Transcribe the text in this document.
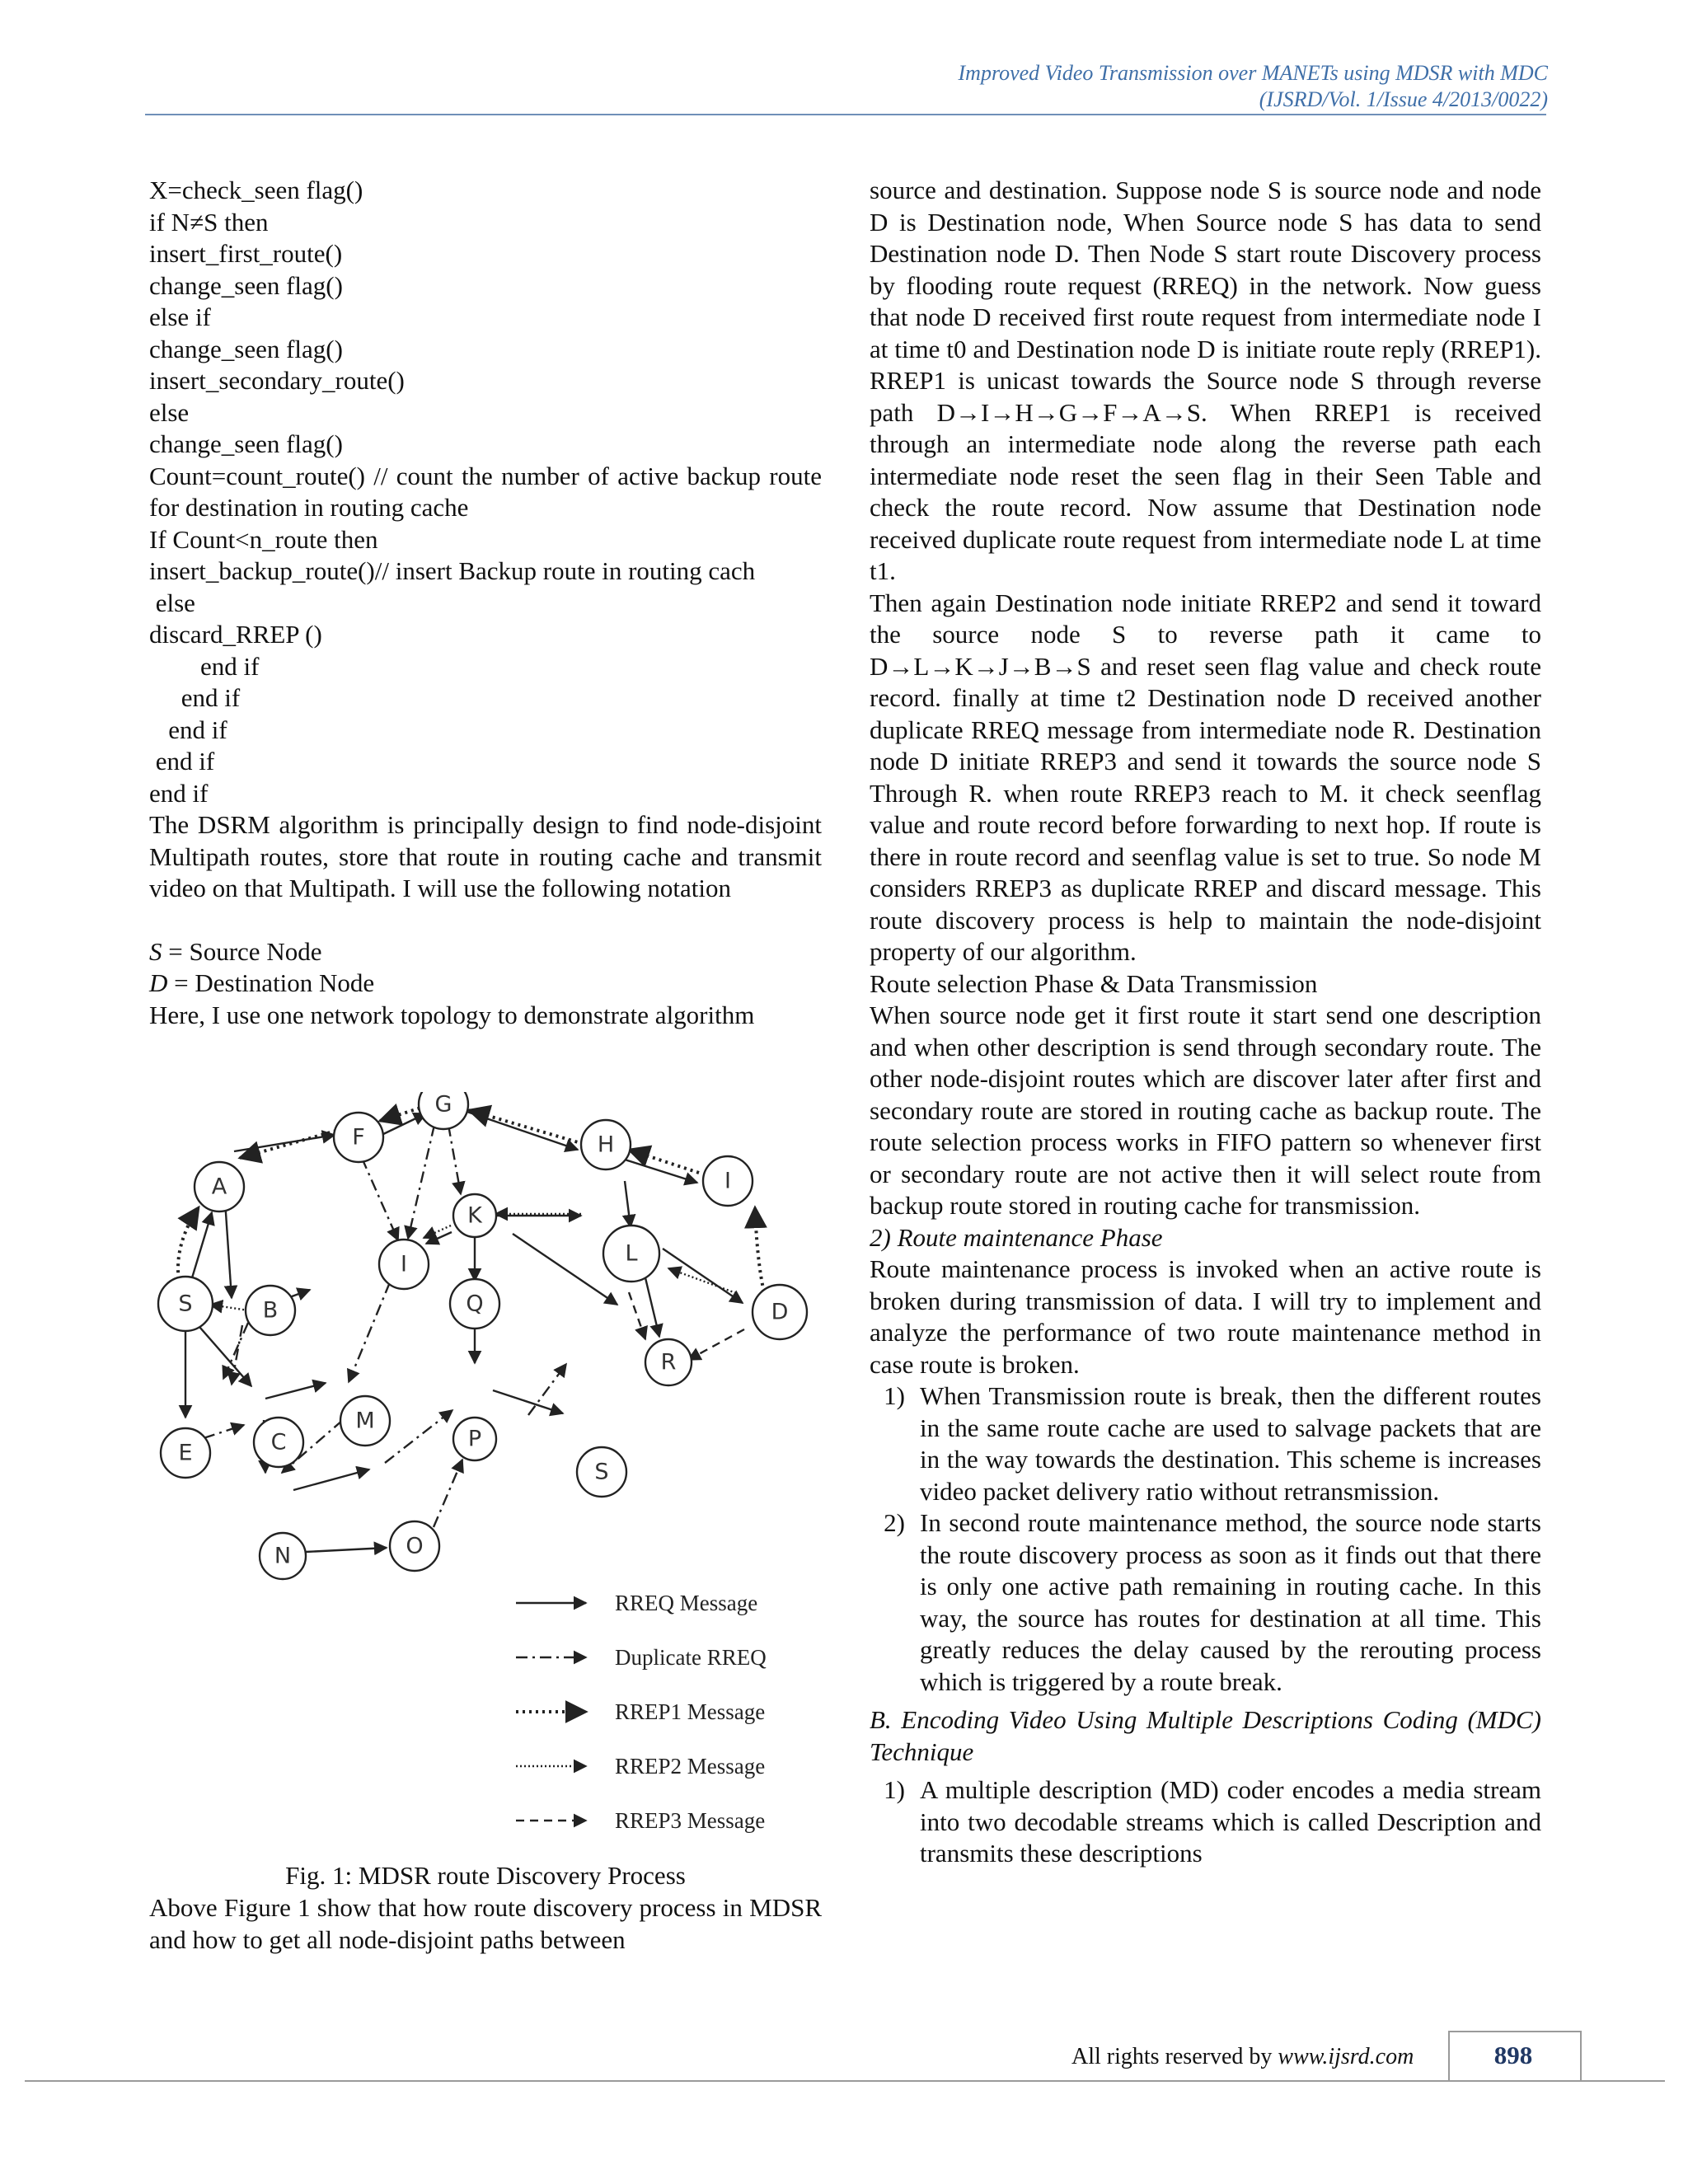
Improved Video Transmission over MANETs using MDSR with MDC
(IJSRD/Vol. 1/Issue 4/2013/0022)
X=check_seen flag()
if N≠S then
insert_first_route()
change_seen flag()
else if
change_seen flag()
insert_secondary_route()
else
change_seen flag()
Count=count_route() // count the number of active backup route for destination in routing cache
If Count<n_route then
insert_backup_route()// insert Backup route in routing cach
else
discard_RREP ()
end if
end if
end if
end if
end if
The DSRM algorithm is principally design to find node-disjoint Multipath routes, store that route in routing cache and transmit video on that Multipath. I will use the following notation
S = Source Node
D = Destination Node
Here, I use one network topology to demonstrate algorithm
A
F
G
H
I
I
K
L
D
S	B	Q
R
E	C
M
P
S
N	O
RREQ Message
Duplicate RREQ
RREP1 Message
RREP2 Message
RREP3 Message
Fig. 1: MDSR route Discovery Process
Above Figure 1 show that how route discovery process in MDSR and how to get all node-disjoint paths between
source and destination. Suppose node S is source node and node D is Destination node, When Source node S has data to send Destination node D. Then Node S start route Discovery process by flooding route request (RREQ) in the network. Now guess that node D received first route request from intermediate node I at time t0 and Destination node D is initiate route reply (RREP1). RREP1 is unicast towards the Source node S through reverse path D→I→H→G→F→A→S. When RREP1 is received through an intermediate node along the reverse path each intermediate node reset the seen flag in their Seen Table and check the route record. Now assume that Destination node received duplicate route request from intermediate node L at time t1.
Then again Destination node initiate RREP2 and send it toward the source node S to reverse path it came to D→L→K→J→B→S and reset seen flag value and check route record. finally at time t2 Destination node D received another duplicate RREQ message from intermediate node R. Destination node D initiate RREP3 and send it towards the source node S Through R. when route RREP3 reach to M. it check seenflag value and route record before forwarding to next hop. If route is there in route record and seenflag value is set to true. So node M considers RREP3 as duplicate RREP and discard message. This route discovery process is help to maintain the node-disjoint property of our algorithm.
Route selection Phase & Data Transmission
When source node get it first route it start send one description and when other description is send through secondary route. The other node-disjoint routes which are discover later after first and secondary route are stored in routing cache as backup route. The route selection process works in FIFO pattern so whenever first or secondary route are not active then it will select route from backup route stored in routing cache for transmission.
2) Route maintenance Phase
Route maintenance process is invoked when an active route is broken during transmission of data. I will try to implement and analyze the performance of two route maintenance method in case route is broken.
1) When Transmission route is break, then the different routes in the same route cache are used to salvage packets that are in the way towards the destination. This scheme is increases video packet delivery ratio without retransmission.
2) In second route maintenance method, the source node starts the route discovery process as soon as it finds out that there is only one active path remaining in routing cache. In this way, the source has routes for destination at all time. This greatly reduces the delay caused by the rerouting process which is triggered by a route break.
B. Encoding Video Using Multiple Descriptions Coding (MDC) Technique
1) A multiple description (MD) coder encodes a media stream into two decodable streams which is called Description and transmits these descriptions
All rights reserved by www.ijsrd.com	898
